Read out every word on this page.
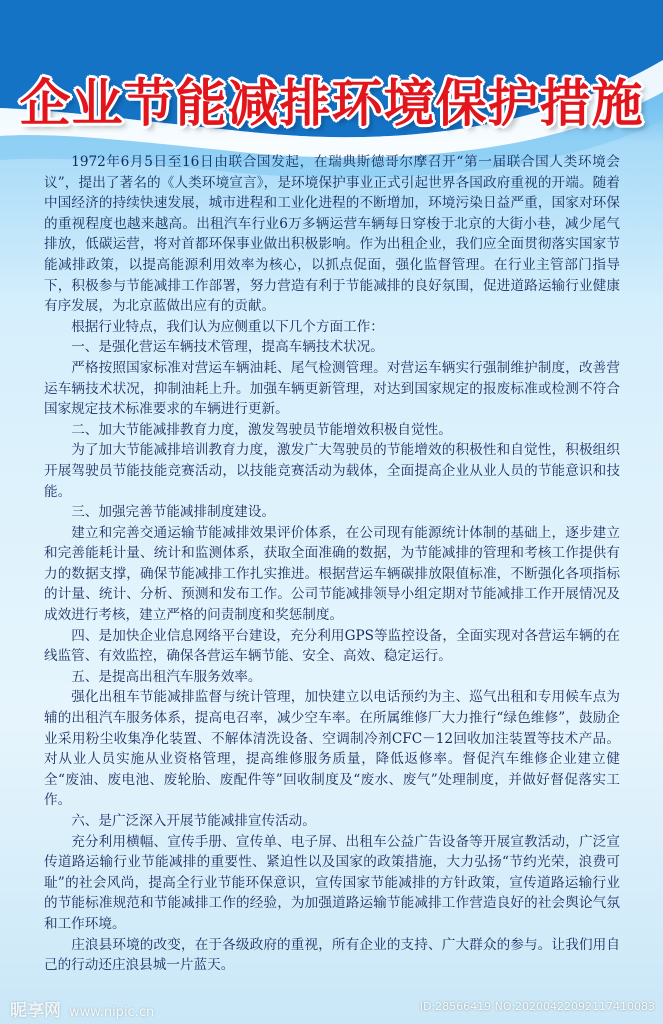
企业节能减排环境保护措施

1972年6月5日至16日由联合国发起，在瑞典斯德哥尔摩召开“第一届联合国人类环境会议”，提出了著名的《人类环境宣言》，是环境保护事业正式引起世界各国政府重视的开端。随着中国经济的持续快速发展，城市进程和工业化进程的不断增加，环境污染日益严重，国家对环保的重视程度也越来越高。出租汽车行业6万多辆运营车辆每日穿梭于北京的大街小巷，减少尾气排放，低碳运营，将对首都环保事业做出积极影响。作为出租企业，我们应全面贯彻落实国家节能减排政策，以提高能源利用效率为核心，以抓点促面，强化监督管理。在行业主管部门指导下，积极参与节能减排工作部署，努力营造有利于节能减排的良好氛围，促进道路运输行业健康有序发展，为北京蓝做出应有的贡献。

根据行业特点，我们认为应侧重以下几个方面工作：

一、是强化营运车辆技术管理，提高车辆技术状况。

严格按照国家标准对营运车辆油耗、尾气检测管理。对营运车辆实行强制维护制度，改善营运车辆技术状况，抑制油耗上升。加强车辆更新管理，对达到国家规定的报废标准或检测不符合国家规定技术标准要求的车辆进行更新。

二、加大节能减排教育力度，激发驾驶员节能增效积极自觉性。

为了加大节能减排培训教育力度，激发广大驾驶员的节能增效的积极性和自觉性，积极组织开展驾驶员节能技能竞赛活动，以技能竞赛活动为载体，全面提高企业从业人员的节能意识和技能。

三、加强完善节能减排制度建设。

建立和完善交通运输节能减排效果评价体系，在公司现有能源统计体制的基础上，逐步建立和完善能耗计量、统计和监测体系，获取全面准确的数据，为节能减排的管理和考核工作提供有力的数据支撑，确保节能减排工作扎实推进。根据营运车辆碳排放限值标准，不断强化各项指标的计量、统计、分析、预测和发布工作。公司节能减排领导小组定期对节能减排工作开展情况及成效进行考核，建立严格的问责制度和奖惩制度。

四、是加快企业信息网络平台建设，充分利用GPS等监控设备，全面实现对各营运车辆的在线监管、有效监控，确保各营运车辆节能、安全、高效、稳定运行。

五、是提高出租汽车服务效率。

强化出租车节能减排监督与统计管理，加快建立以电话预约为主、巡气出租和专用候车点为辅的出租汽车服务体系，提高电召率，减少空车率。在所属维修厂大力推行“绿色维修”，鼓励企业采用粉尘收集净化装置、不解体清洗设备、空调制冷剂CFC－12回收加注装置等技术产品。对从业人员实施从业资格管理，提高维修服务质量，降低返修率。督促汽车维修企业建立健全“废油、废电池、废轮胎、废配件等”回收制度及“废水、废气”处理制度，并做好督促落实工作。

六、是广泛深入开展节能减排宣传活动。

充分利用横幅、宣传手册、宣传单、电子屏、出租车公益广告设备等开展宣教活动，广泛宣传道路运输行业节能减排的重要性、紧迫性以及国家的政策措施，大力弘扬“节约光荣，浪费可耻”的社会风尚，提高全行业节能环保意识，宣传国家节能减排的方针政策，宣传道路运输行业的节能标准规范和节能减排工作的经验，为加强道路运输节能减排工作营造良好的社会舆论气氛和工作环境。

庄浪县环境的改变，在于各级政府的重视，所有企业的支持、广大群众的参与。让我们用自己的行动还庄浪县城一片蓝天。

昵享网 www.nipic.cn	ID:28566419 NO:20200422092117410083
